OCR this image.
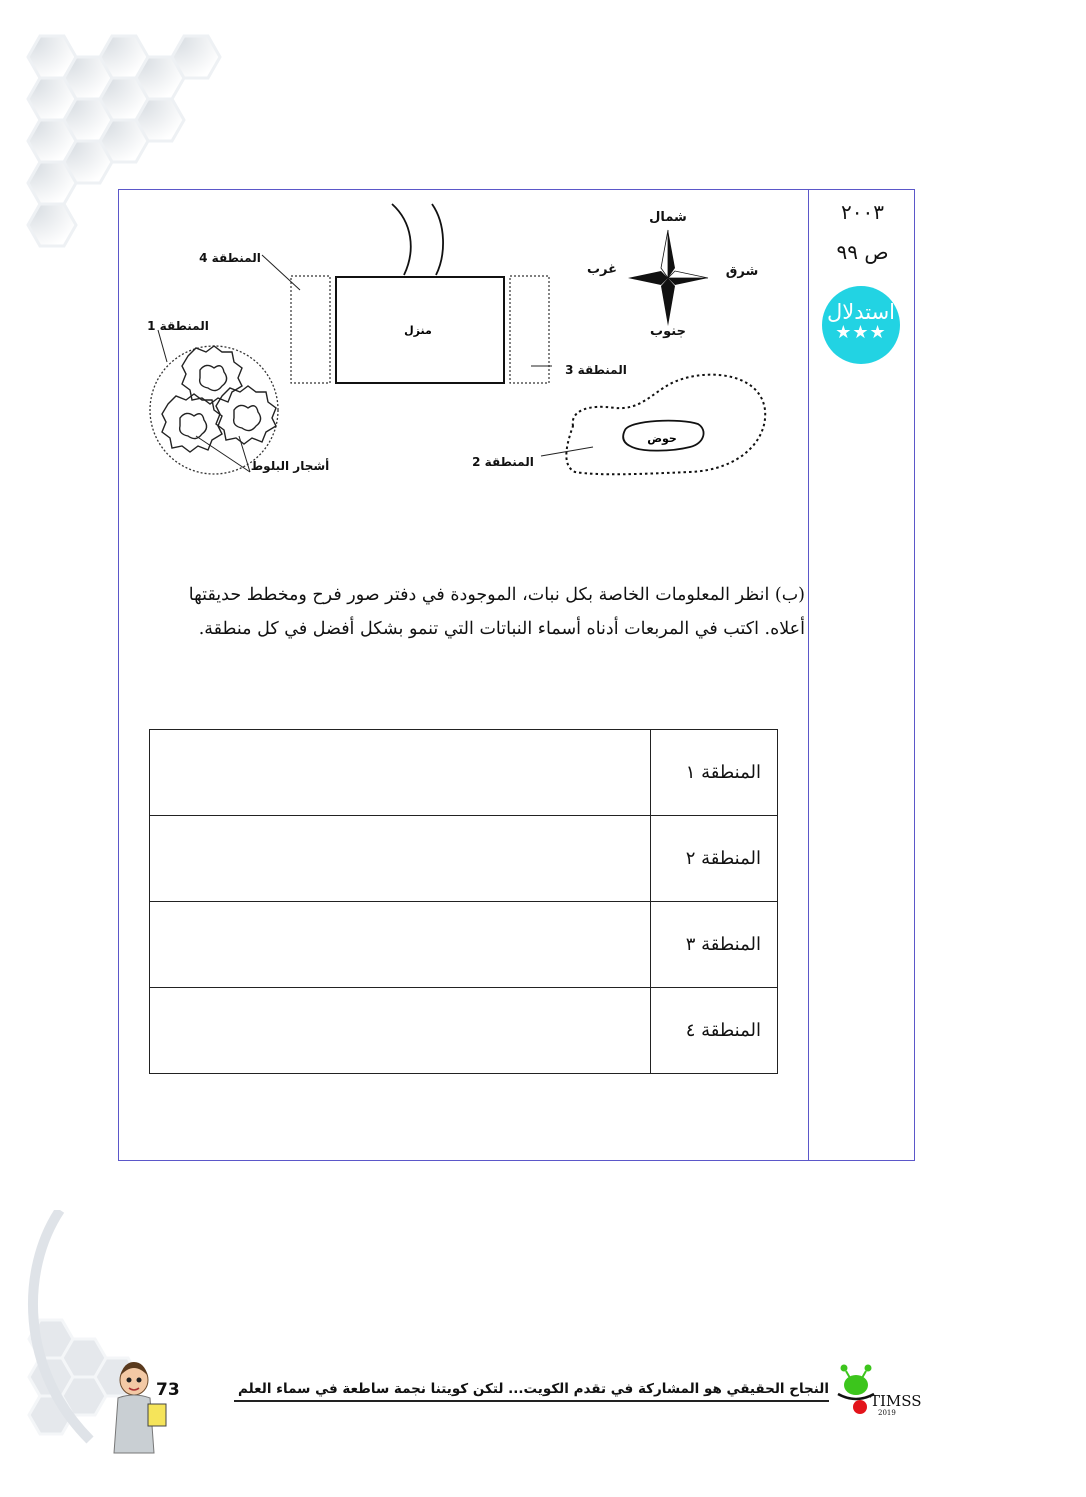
٢٠٠٣
ص ٩٩
استدلال
★★★
منزل
شمال
جنوب
شرق
غرب
حوض
المنطقة 4
المنطقة 1
المنطقة 3
المنطقة 2
أشجار البلوط
(ب) انظر المعلومات الخاصة بكل نبات، الموجودة في دفتر صور فرح ومخطط حديقتها
أعلاه. اكتب في المربعات أدناه أسماء النباتات التي تنمو بشكل أفضل في كل منطقة.
	المنطقة ١
	المنطقة ٢
	المنطقة ٣
	المنطقة ٤
73	النجاح الحقيقي هو المشاركة في تقدم الكويت... لتكن كويتنا نجمة ساطعة في سماء العلم
TIMSS
2019
